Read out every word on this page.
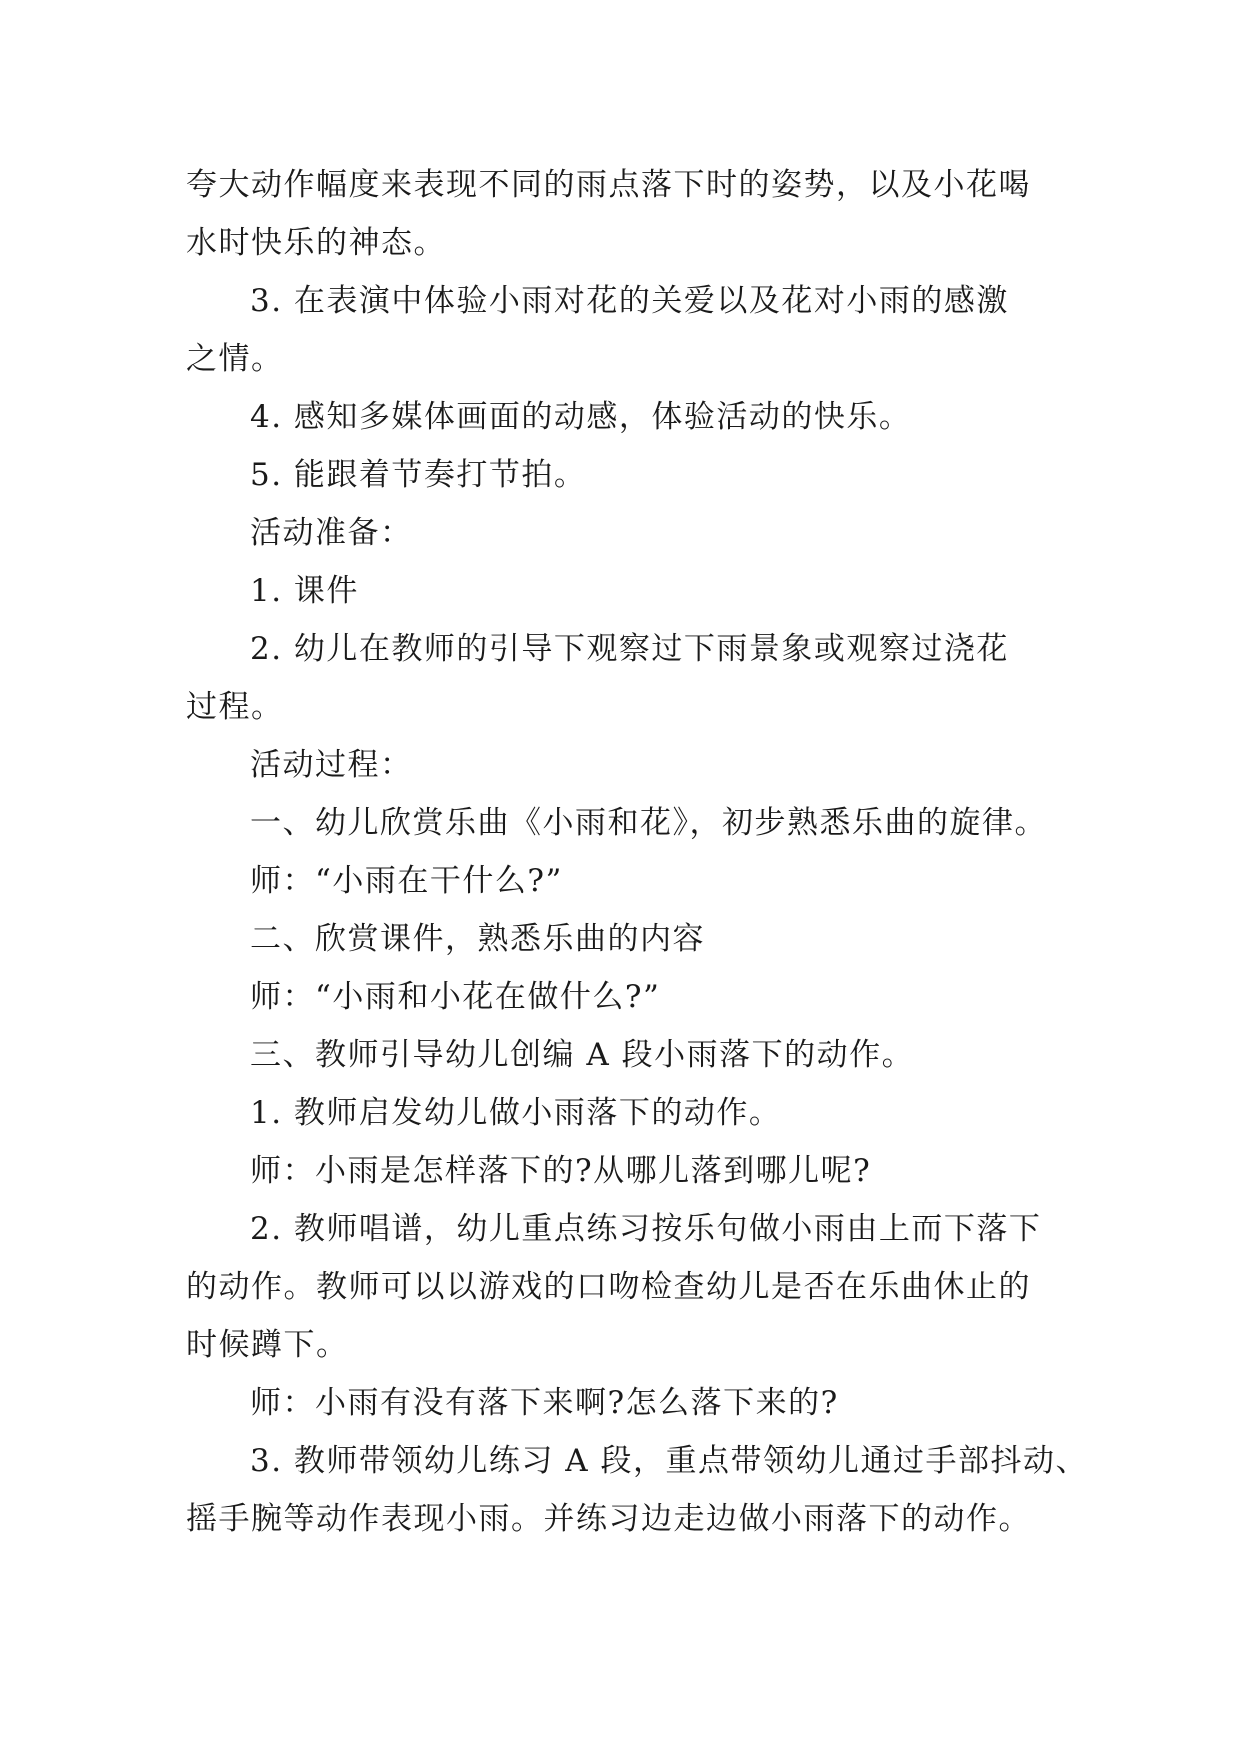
夸大动作幅度来表现不同的雨点落下时的姿势，以及小花喝
水时快乐的神态。
3. 在表演中体验小雨对花的关爱以及花对小雨的感激
之情。
4. 感知多媒体画面的动感，体验活动的快乐。
5. 能跟着节奏打节拍。
活动准备：
1. 课件
2. 幼儿在教师的引导下观察过下雨景象或观察过浇花
过程。
活动过程：
一、幼儿欣赏乐曲《小雨和花》，初步熟悉乐曲的旋律。
师：“小雨在干什么?”
二、欣赏课件，熟悉乐曲的内容
师：“小雨和小花在做什么?”
三、教师引导幼儿创编 A 段小雨落下的动作。
1. 教师启发幼儿做小雨落下的动作。
师：小雨是怎样落下的?从哪儿落到哪儿呢?
2. 教师唱谱，幼儿重点练习按乐句做小雨由上而下落下
的动作。教师可以以游戏的口吻检查幼儿是否在乐曲休止的
时候蹲下。
师：小雨有没有落下来啊?怎么落下来的?
3. 教师带领幼儿练习 A 段，重点带领幼儿通过手部抖动、
摇手腕等动作表现小雨。并练习边走边做小雨落下的动作。
